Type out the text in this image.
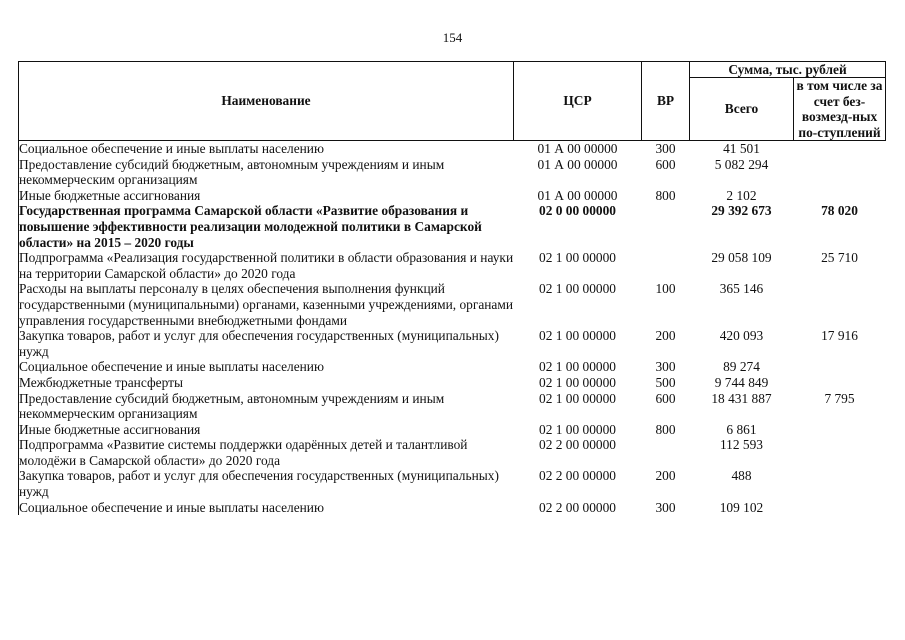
154
Наименование	ЦСР	ВР	Сумма, тыс. рублей	
			Всего	в том числе за счет без-возмезд-ных по-ступлений
Социальное обеспечение и иные выплаты населению	01 А 00 00000	300	41 501	
Предоставление субсидий бюджетным, автономным учреждениям и иным некоммерческим организациям	01 А 00 00000	600	5 082 294	
Иные бюджетные ассигнования	01 А 00 00000	800	2 102	
Государственная программа Самарской области «Развитие образования и повышение эффективности реализации молодежной политики в Самарской области» на 2015 – 2020 годы	02 0 00 00000		29 392 673	78 020
Подпрограмма «Реализация государственной политики в области образования и науки на территории Самарской области» до 2020 года	02 1 00 00000		29 058 109	25 710
Расходы на выплаты персоналу в целях обеспечения выполнения функций государственными (муниципальными) органами, казенными учреждениями, органами управления государственными внебюджетными фондами	02 1 00 00000	100	365 146	
Закупка товаров, работ и услуг для обеспечения государственных (муниципальных) нужд	02 1 00 00000	200	420 093	17 916
Социальное обеспечение и иные выплаты населению	02 1 00 00000	300	89 274	
Межбюджетные трансферты	02 1 00 00000	500	9 744 849	
Предоставление субсидий бюджетным, автономным учреждениям и иным некоммерческим организациям	02 1 00 00000	600	18 431 887	7 795
Иные бюджетные ассигнования	02 1 00 00000	800	6 861	
Подпрограмма «Развитие системы поддержки одарённых детей и талантливой молодёжи в Самарской области» до 2020 года	02 2 00 00000		112 593	
Закупка товаров, работ и услуг для обеспечения государственных (муниципальных) нужд	02 2 00 00000	200	488	
Социальное обеспечение и иные выплаты населению	02 2 00 00000	300	109 102	
